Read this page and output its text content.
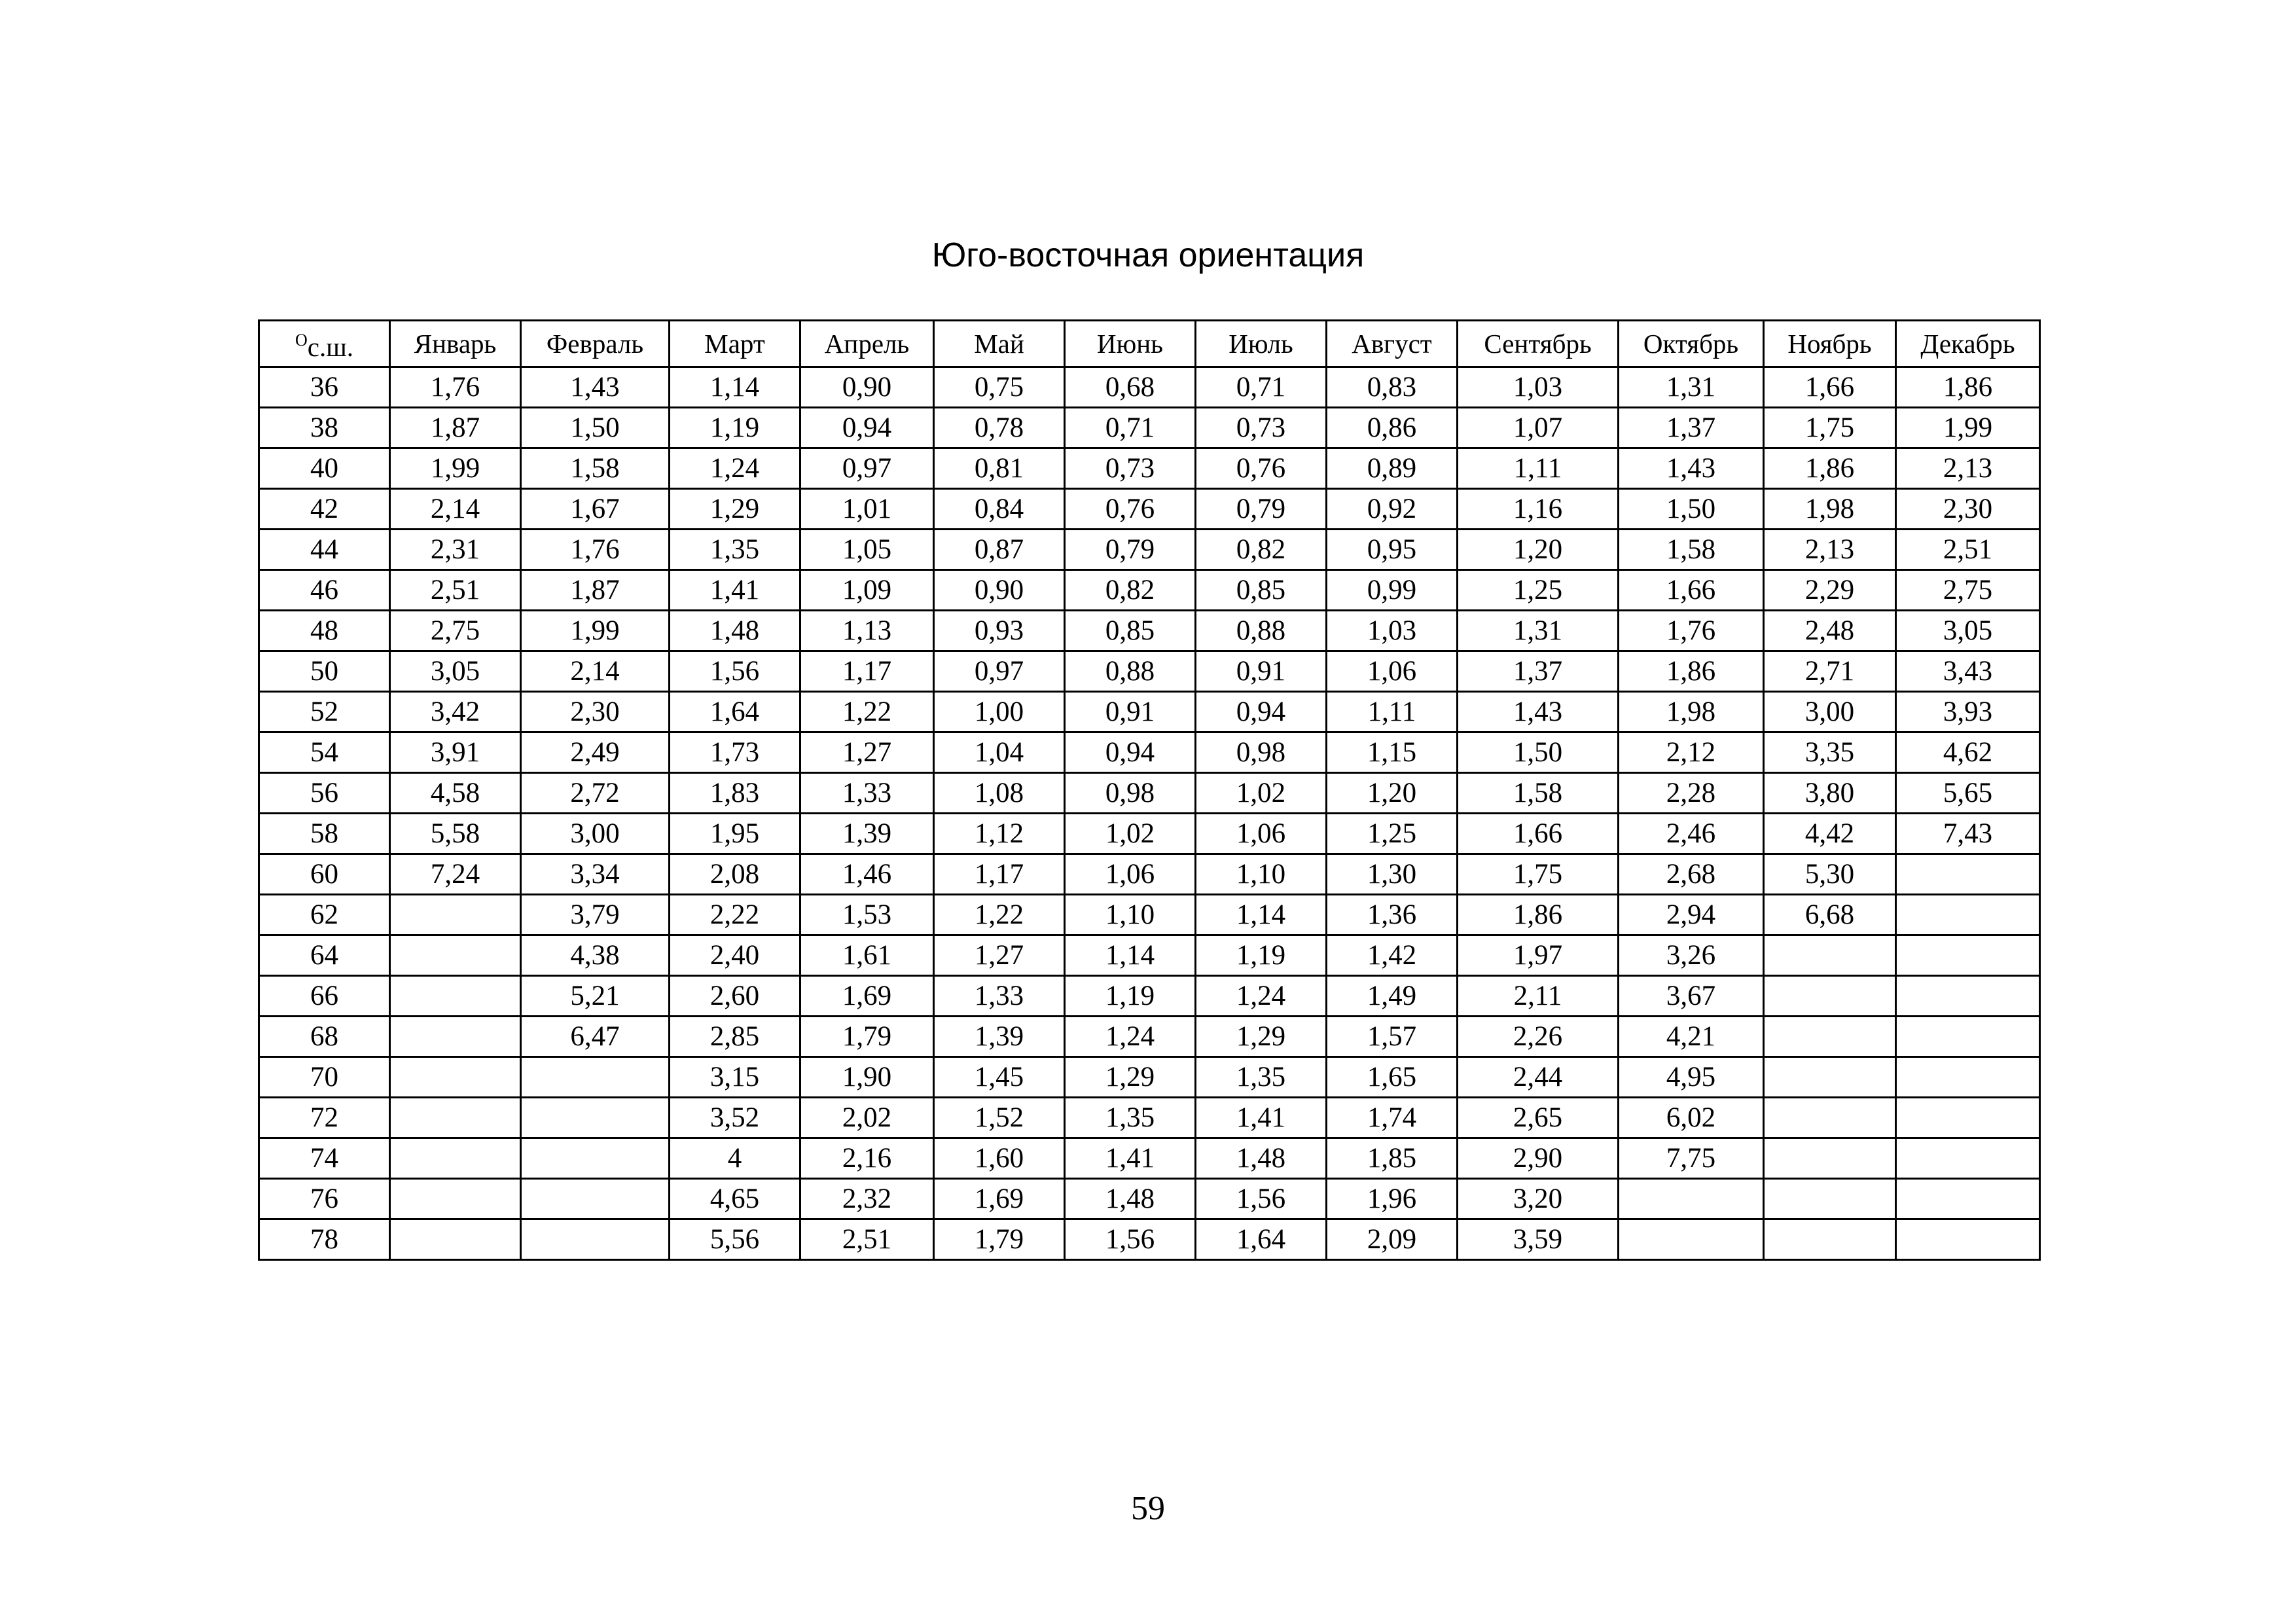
Юго-восточная ориентация
$^O$с.ш.	Январь	Февраль	Март	Апрель	Май	Июнь	Июль	Август	Сентябрь	Октябрь	Ноябрь	Декабрь
36	1,76	1,43	1,14	0,90	0,75	0,68	0,71	0,83	1,03	1,31	1,66	1,86
38	1,87	1,50	1,19	0,94	0,78	0,71	0,73	0,86	1,07	1,37	1,75	1,99
40	1,99	1,58	1,24	0,97	0,81	0,73	0,76	0,89	1,11	1,43	1,86	2,13
42	2,14	1,67	1,29	1,01	0,84	0,76	0,79	0,92	1,16	1,50	1,98	2,30
44	2,31	1,76	1,35	1,05	0,87	0,79	0,82	0,95	1,20	1,58	2,13	2,51
46	2,51	1,87	1,41	1,09	0,90	0,82	0,85	0,99	1,25	1,66	2,29	2,75
48	2,75	1,99	1,48	1,13	0,93	0,85	0,88	1,03	1,31	1,76	2,48	3,05
50	3,05	2,14	1,56	1,17	0,97	0,88	0,91	1,06	1,37	1,86	2,71	3,43
52	3,42	2,30	1,64	1,22	1,00	0,91	0,94	1,11	1,43	1,98	3,00	3,93
54	3,91	2,49	1,73	1,27	1,04	0,94	0,98	1,15	1,50	2,12	3,35	4,62
56	4,58	2,72	1,83	1,33	1,08	0,98	1,02	1,20	1,58	2,28	3,80	5,65
58	5,58	3,00	1,95	1,39	1,12	1,02	1,06	1,25	1,66	2,46	4,42	7,43
60	7,24	3,34	2,08	1,46	1,17	1,06	1,10	1,30	1,75	2,68	5,30	
62		3,79	2,22	1,53	1,22	1,10	1,14	1,36	1,86	2,94	6,68	
64		4,38	2,40	1,61	1,27	1,14	1,19	1,42	1,97	3,26		
66		5,21	2,60	1,69	1,33	1,19	1,24	1,49	2,11	3,67		
68		6,47	2,85	1,79	1,39	1,24	1,29	1,57	2,26	4,21		
70			3,15	1,90	1,45	1,29	1,35	1,65	2,44	4,95		
72			3,52	2,02	1,52	1,35	1,41	1,74	2,65	6,02		
74			4	2,16	1,60	1,41	1,48	1,85	2,90	7,75		
76			4,65	2,32	1,69	1,48	1,56	1,96	3,20			
78			5,56	2,51	1,79	1,56	1,64	2,09	3,59			
59
